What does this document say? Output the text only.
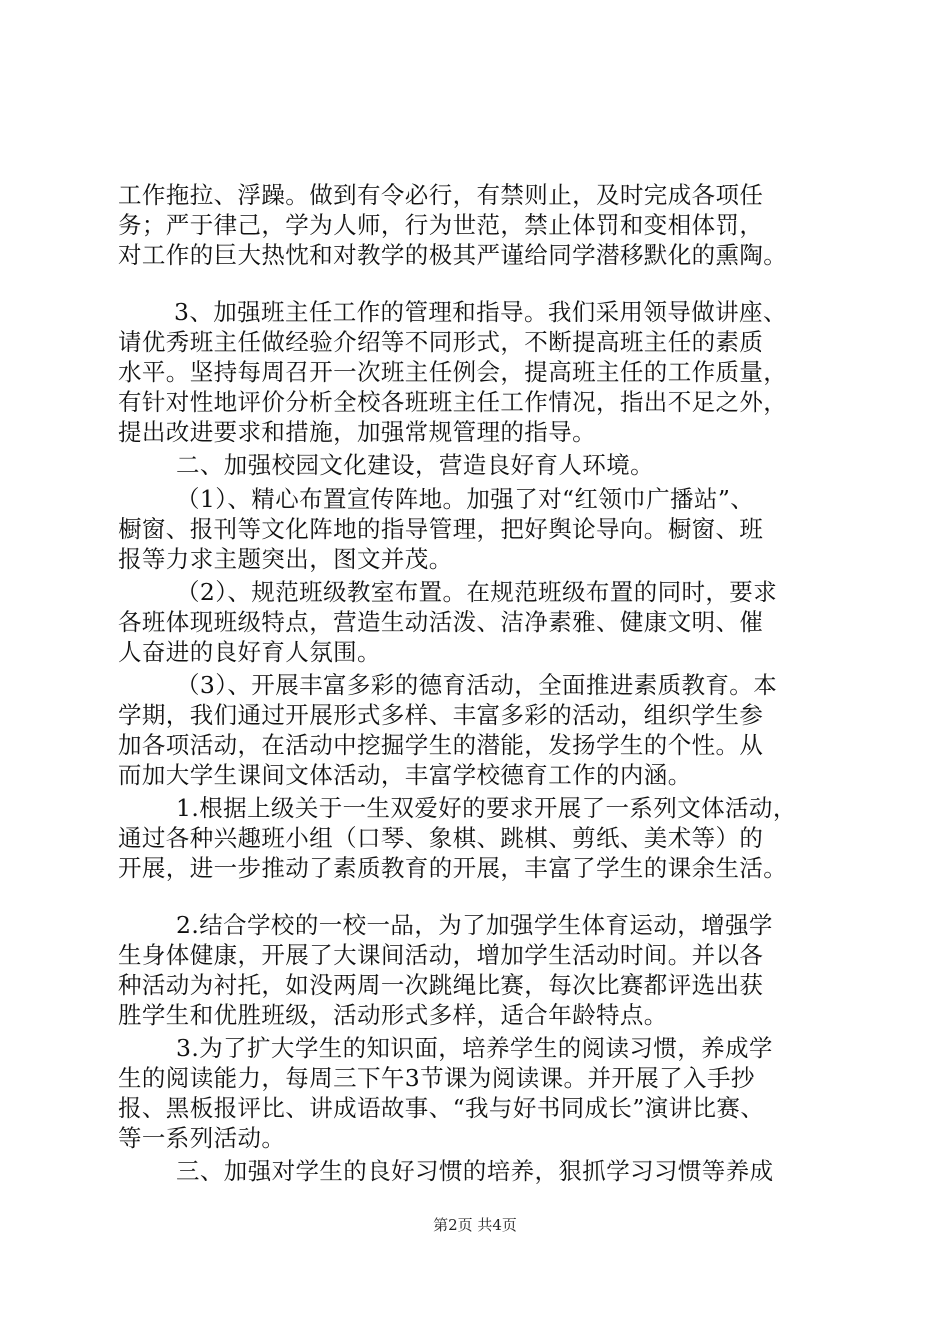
工作拖拉、浮躁。做到有令必行，有禁则止，及时完成各项任
务；严于律己，学为人师，行为世范，禁止体罚和变相体罚，
对工作的巨大热忱和对教学的极其严谨给同学潜移默化的熏陶。
3、加强班主任工作的管理和指导。我们采用领导做讲座、
请优秀班主任做经验介绍等不同形式，不断提高班主任的素质
水平。坚持每周召开一次班主任例会，提高班主任的工作质量，
有针对性地评价分析全校各班班主任工作情况，指出不足之外，
提出改进要求和措施，加强常规管理的指导。
二、加强校园文化建设，营造良好育人环境。
（1）、精心布置宣传阵地。加强了对“红领巾广播站”、
橱窗、报刊等文化阵地的指导管理，把好舆论导向。橱窗、班
报等力求主题突出，图文并茂。
（2）、规范班级教室布置。在规范班级布置的同时，要求
各班体现班级特点，营造生动活泼、洁净素雅、健康文明、催
人奋进的良好育人氛围。
（3）、开展丰富多彩的德育活动，全面推进素质教育。本
学期，我们通过开展形式多样、丰富多彩的活动，组织学生参
加各项活动，在活动中挖掘学生的潜能，发扬学生的个性。从
而加大学生课间文体活动，丰富学校德育工作的内涵。
1.根据上级关于一生双爱好的要求开展了一系列文体活动，
通过各种兴趣班小组（口琴、象棋、跳棋、剪纸、美术等）的
开展，进一步推动了素质教育的开展，丰富了学生的课余生活。
2.结合学校的一校一品，为了加强学生体育运动，增强学
生身体健康，开展了大课间活动，增加学生活动时间。并以各
种活动为衬托，如没两周一次跳绳比赛，每次比赛都评选出获
胜学生和优胜班级，活动形式多样，适合年龄特点。
3.为了扩大学生的知识面，培养学生的阅读习惯，养成学
生的阅读能力，每周三下午3节课为阅读课。并开展了入手抄
报、黑板报评比、讲成语故事、“我与好书同成长”演讲比赛、
等一系列活动。
三、加强对学生的良好习惯的培养，狠抓学习习惯等养成
第2页 共4页
